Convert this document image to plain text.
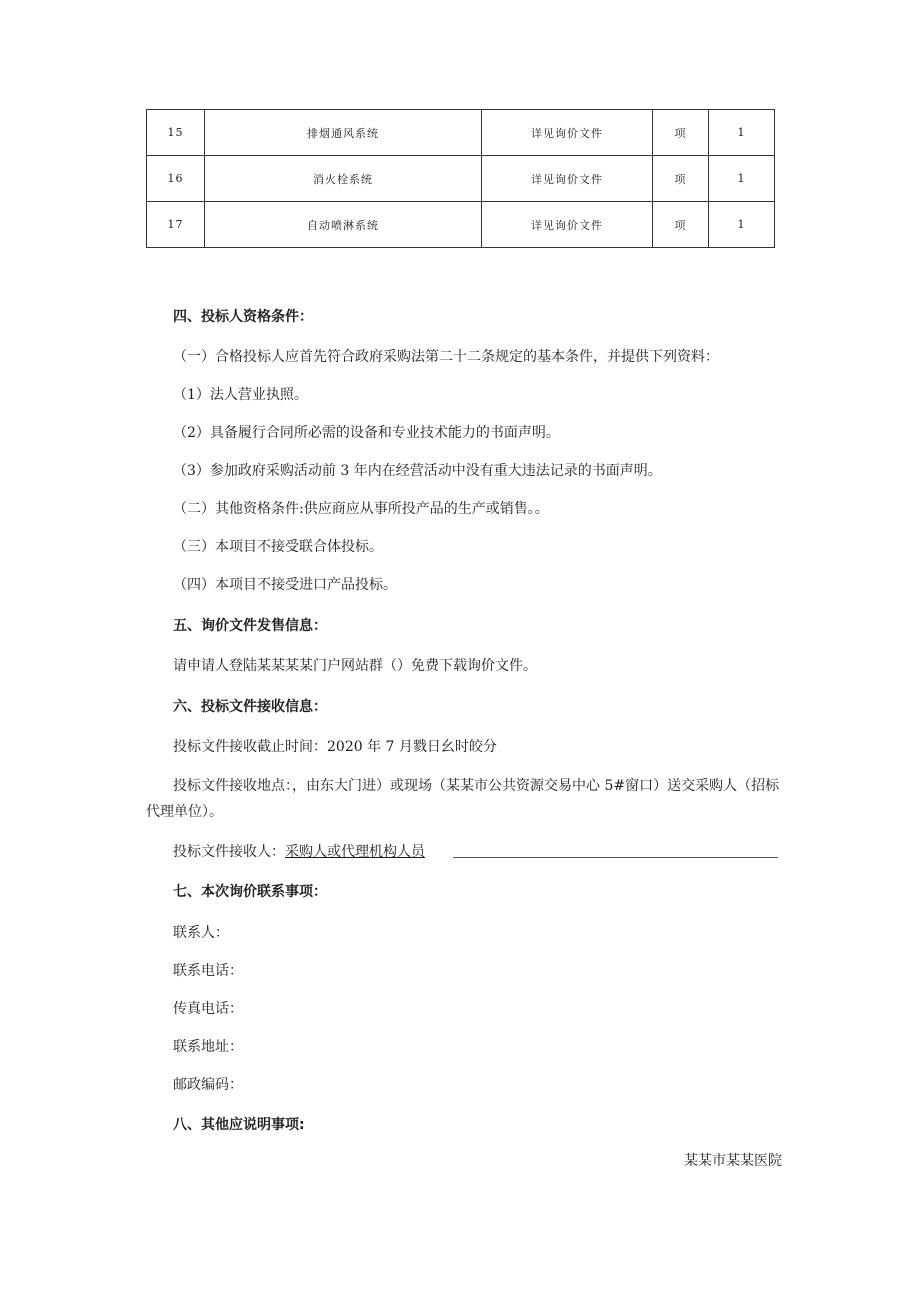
15	排烟通风系统	详见询价文件	项	1
16	消火栓系统	详见询价文件	项	1
17	自动喷淋系统	详见询价文件	项	1
四、投标人资格条件：
（一）合格投标人应首先符合政府采购法第二十二条规定的基本条件，并提供下列资料：
（1）法人营业执照。
（2）具备履行合同所必需的设备和专业技术能力的书面声明。
（3）参加政府采购活动前 3 年内在经营活动中没有重大违法记录的书面声明。
（二）其他资格条件:供应商应从事所投产品的生产或销售。。
（三）本项目不接受联合体投标。
（四）本项目不接受进口产品投标。
五、询价文件发售信息：
请申请人登陆某某某某门户网站群（）免费下载询价文件。
六、投标文件接收信息：
投标文件接收截止时间：2020 年 7 月戮日幺时皎分
投标文件接收地点：，由东大门进）或现场（某某市公共资源交易中心 5#窗口）送交采购人（招标代理单位）。
投标文件接收人：采购人或代理机构人员
七、本次询价联系事项：
联系人：
联系电话：
传真电话：
联系地址：
邮政编码：
八、其他应说明事项:
某某市某某医院
